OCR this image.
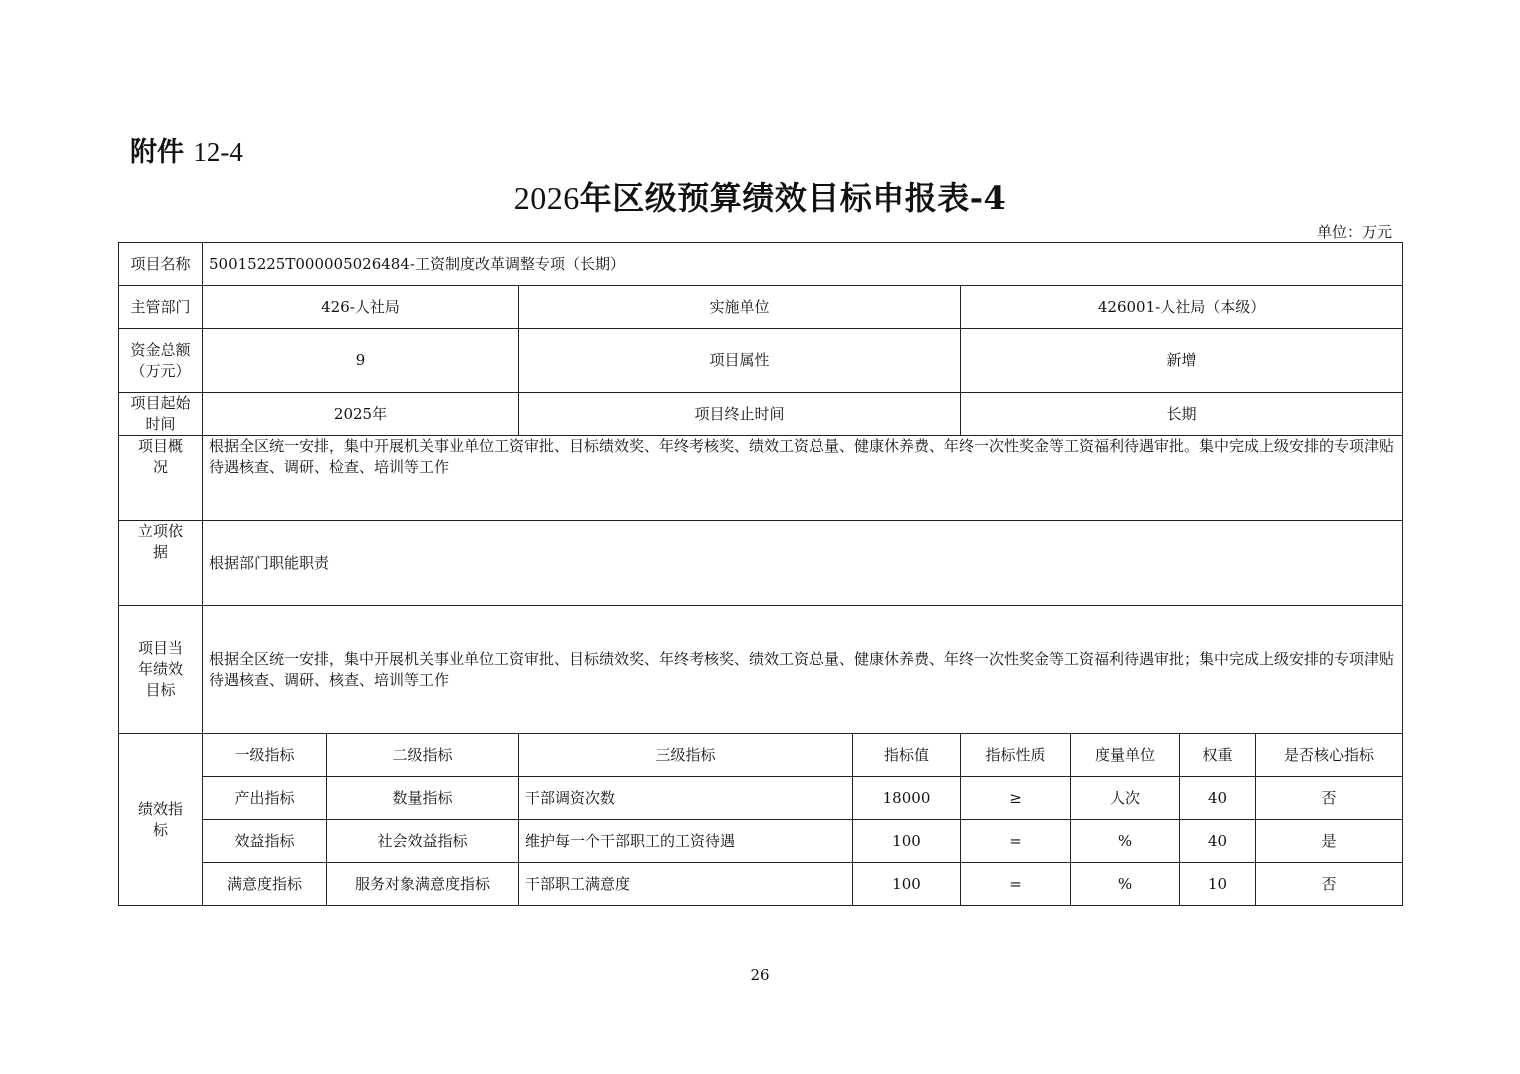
附件 12-4
2026年区级预算绩效目标申报表-4
单位：万元
项目名称	50015225T000005026484-工资制度改革调整专项（长期）							
主管部门	426-人社局		实施单位		426001-人社局（本级）			
资金总额（万元）	9		项目属性		新增			
项目起始时间	2025年		项目终止时间		长期			

项目概
况	根据全区统一安排，集中开展机关事业单位工资审批、目标绩效奖、年终考核奖、绩效工资总量、健康休养费、年终一次性奖金等工资福利待遇审批。集中完成上级安排的专项津贴待遇核查、调研、检查、培训等工作							

立项依
据	根据部门职能职责							

项目当
年绩效
目标	根据全区统一安排，集中开展机关事业单位工资审批、目标绩效奖、年终考核奖、绩效工资总量、健康休养费、年终一次性奖金等工资福利待遇审批；集中完成上级安排的专项津贴待遇核查、调研、核查、培训等工作							

绩效指
标	一级指标	二级指标	三级指标	指标值	指标性质	度量单位	权重	是否核心指标
	产出指标	数量指标	干部调资次数	18000	≥	人次	40	否
	效益指标	社会效益指标	维护每一个干部职工的工资待遇	100	=	%	40	是
	满意度指标	服务对象满意度指标	干部职工满意度	100	=	%	10	否
26
